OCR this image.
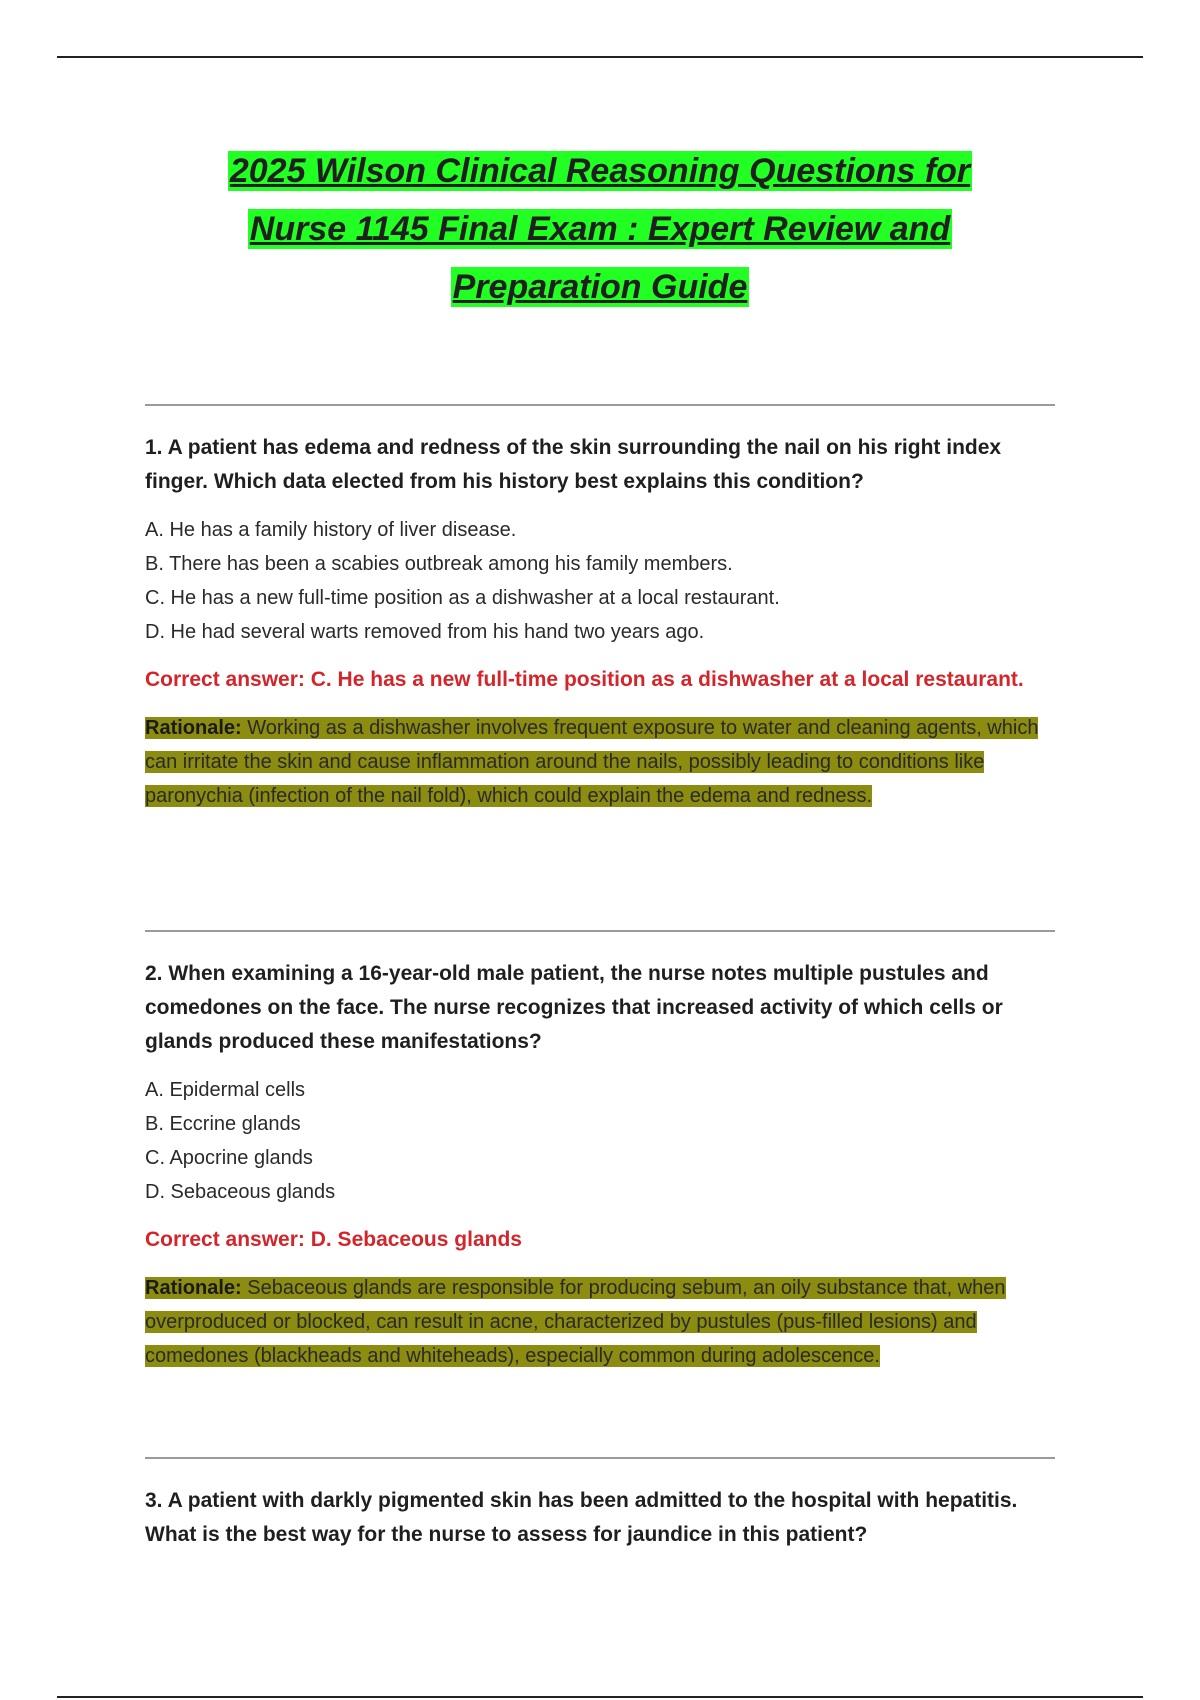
2025 Wilson Clinical Reasoning Questions for
Nurse 1145 Final Exam : Expert Review and
Preparation Guide
1. A patient has edema and redness of the skin surrounding the nail on his right index finger. Which data elected from his history best explains this condition?
A. He has a family history of liver disease.
B. There has been a scabies outbreak among his family members.
C. He has a new full-time position as a dishwasher at a local restaurant.
D. He had several warts removed from his hand two years ago.
Correct answer: C. He has a new full-time position as a dishwasher at a local restaurant.
Rationale: Working as a dishwasher involves frequent exposure to water and cleaning agents, which can irritate the skin and cause inflammation around the nails, possibly leading to conditions like paronychia (infection of the nail fold), which could explain the edema and redness.
2. When examining a 16-year-old male patient, the nurse notes multiple pustules and comedones on the face. The nurse recognizes that increased activity of which cells or glands produced these manifestations?
A. Epidermal cells
B. Eccrine glands
C. Apocrine glands
D. Sebaceous glands
Correct answer: D. Sebaceous glands
Rationale: Sebaceous glands are responsible for producing sebum, an oily substance that, when overproduced or blocked, can result in acne, characterized by pustules (pus-filled lesions) and comedones (blackheads and whiteheads), especially common during adolescence.
3. A patient with darkly pigmented skin has been admitted to the hospital with hepatitis. What is the best way for the nurse to assess for jaundice in this patient?
